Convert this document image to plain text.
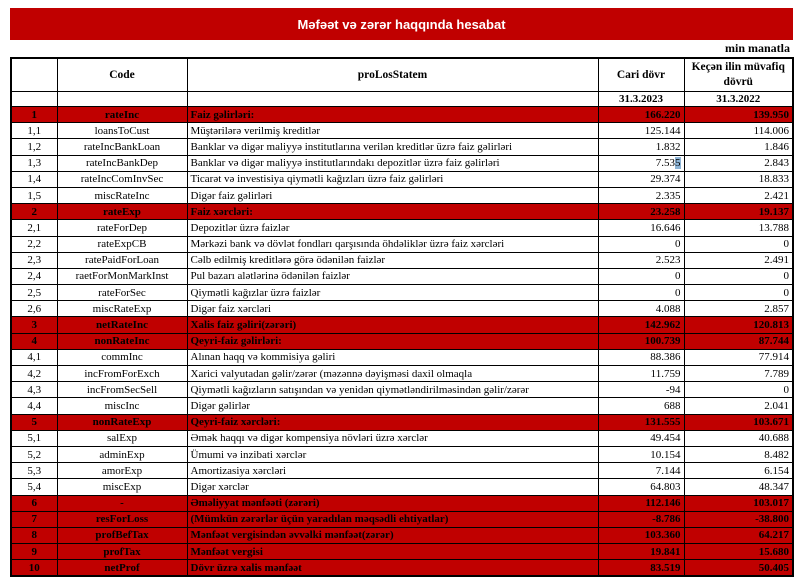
Məfəət və zərər haqqında hesabat
min manatla
	Code	proLosStatem	Cari dövr	Keçən ilin müvafiq dövrü
			31.3.2023	31.3.2022
1	rateInc	Faiz gəlirləri:	166.220	139.950
1,1	loansToCust	Müştərilərə verilmiş kreditlər	125.144	114.006
1,2	rateIncBankLoan	Banklar və digər maliyyə institutlarına verilən kreditlər üzrə faiz gəlirləri	1.832	1.846
1,3	rateIncBankDep	Banklar və digər maliyyə institutlarındakı depozitlər üzrə faiz gəlirləri	7.535	2.843
1,4	rateIncComInvSec	Ticarət və investisiya qiymətli kağızları üzrə faiz gəlirləri	29.374	18.833
1,5	miscRateInc	Digər faiz gəlirləri	2.335	2.421
2	rateExp	Faiz xərcləri:	23.258	19.137
2,1	rateForDep	Depozitlər üzrə faizlər	16.646	13.788
2,2	rateExpCB	Mərkəzi bank və dövlət fondları qarşısında öhdəliklər üzrə faiz xərcləri	0	0
2,3	ratePaidForLoan	Cəlb edilmiş kreditlərə görə ödənilən faizlər	2.523	2.491
2,4	raetForMonMarkInst	Pul bazarı alətlərinə ödənilən faizlər	0	0
2,5	rateForSec	Qiymətli kağızlar üzrə faizlər	0	0
2,6	miscRateExp	Digər faiz xərcləri	4.088	2.857
3	netRateInc	Xalis faiz gəliri(zərəri)	142.962	120.813
4	nonRateInc	Qeyri-faiz gəlirləri:	100.739	87.744
4,1	commInc	Alınan haqq və kommisiya gəliri	88.386	77.914
4,2	incFromForExch	Xarici valyutadan gəlir/zərər (məzənnə dəyişməsi daxil olmaqla	11.759	7.789
4,3	incFromSecSell	Qiymətli kağızların satışından və yenidən qiymətləndirilməsindən gəlir/zərər	-94	0
4,4	miscInc	Digər gəlirlər	688	2.041
5	nonRateExp	Qeyri-faiz xərcləri:	131.555	103.671
5,1	salExp	Əmək haqqı və digər kompensiya növləri üzrə xərclər	49.454	40.688
5,2	adminExp	Ümumi və inzibati xərclər	10.154	8.482
5,3	amorExp	Amortizasiya xərcləri	7.144	6.154
5,4	miscExp	Digər xərclər	64.803	48.347
6	-	Əməliyyat mənfəəti (zərəri)	112.146	103.017
7	resForLoss	(Mümkün zərərlər üçün yaradılan məqsədli ehtiyatlar)	-8.786	-38.800
8	profBefTax	Mənfəət vergisindən əvvəlki mənfəət(zərər)	103.360	64.217
9	profTax	Mənfəət vergisi	19.841	15.680
10	netProf	Dövr üzrə xalis mənfəət	83.519	50.405
